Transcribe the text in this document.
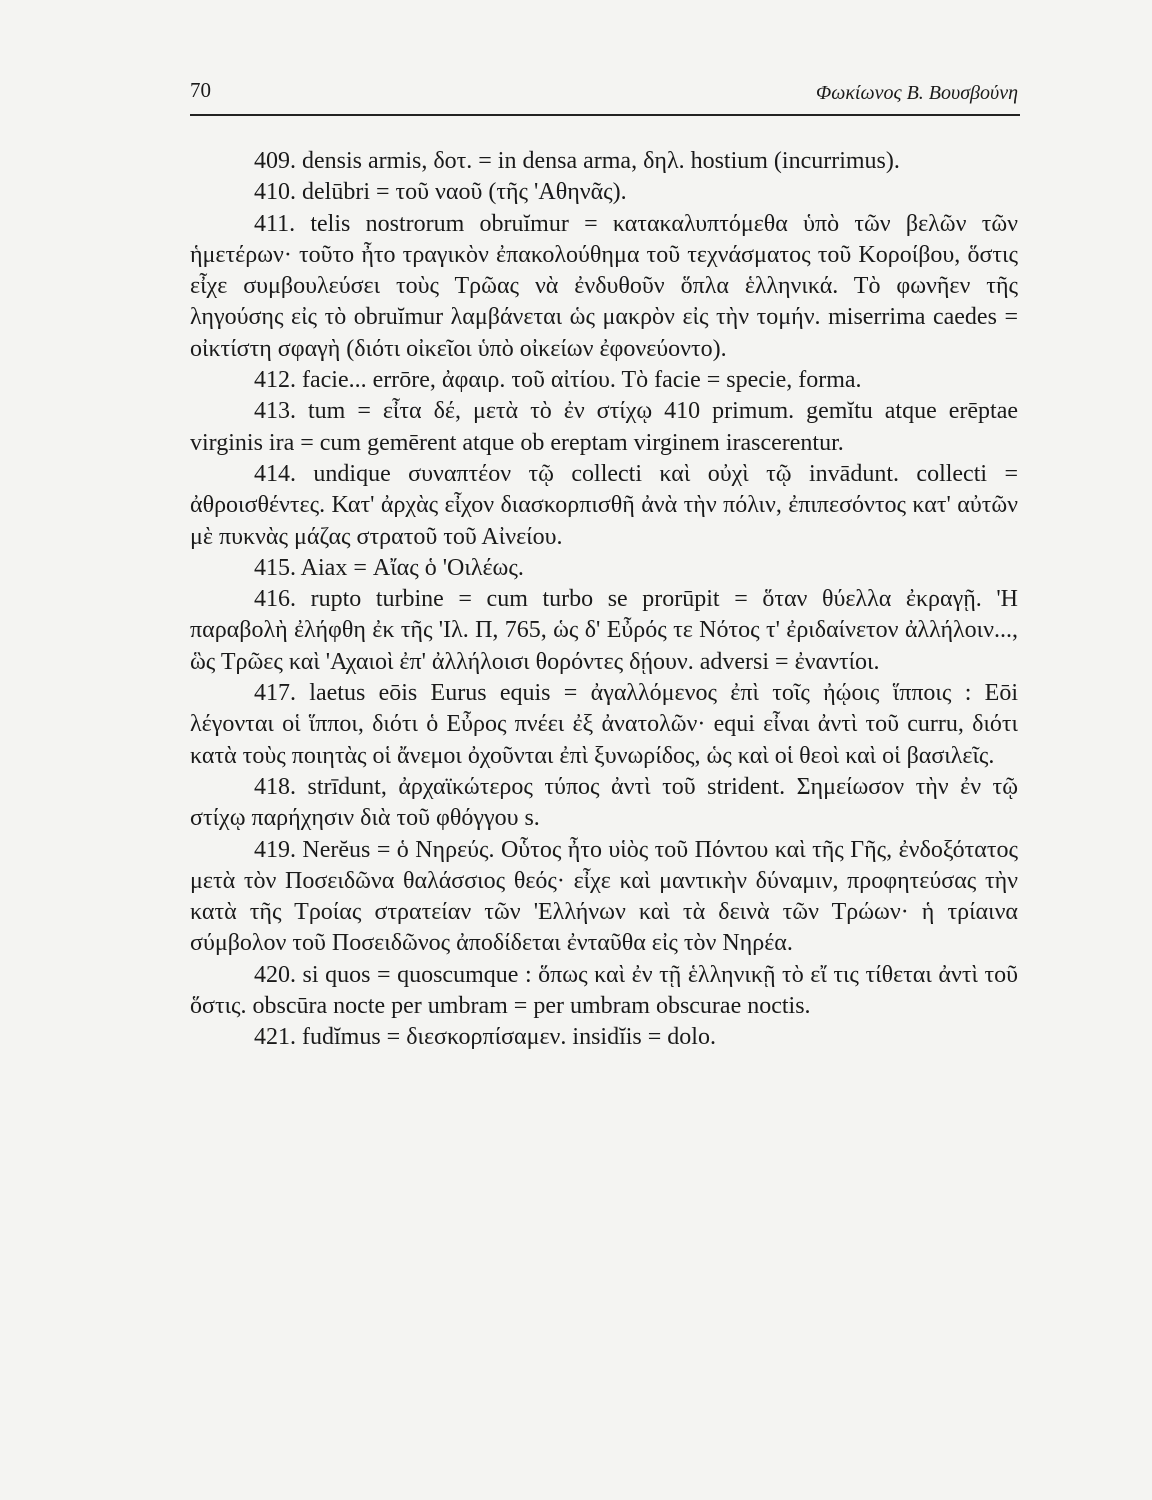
70	Φωκίωνος Β. Βουσβούνη

409. densis armis, δοτ. = in densa arma, δηλ. hostium (incurrimus).

410. delūbri = τοῦ ναοῦ (τῆς 'Αθηνᾶς).

411. telis nostrorum obruĭmur = κατακαλυπτόμεθα ὑπὸ τῶν βελῶν τῶν ἡμετέρων· τοῦτο ἦτο τραγικὸν ἐπακολούθημα τοῦ τεχνάσματος τοῦ Κοροίβου, ὅστις εἶχε συμβουλεύσει τοὺς Τρῶας νὰ ἐνδυθοῦν ὅπλα ἑλληνικά. Τὸ φωνῆεν τῆς ληγούσης εἰς τὸ obruĭmur λαμβάνεται ὡς μακρὸν εἰς τὴν τομήν. miserrima caedes = οἰκτίστη σφαγὴ (διότι οἰκεῖοι ὑπὸ οἰκείων ἐφονεύοντο).

412. facie... errōre, ἀφαιρ. τοῦ αἰτίου. Τὸ facie = specie, forma.

413. tum = εἶτα δέ, μετὰ τὸ ἐν στίχῳ 410 primum. gemĭtu atque erēptae virginis ira = cum gemērent atque ob ereptam virginem irascerentur.

414. undique συναπτέον τῷ collecti καὶ οὐχὶ τῷ invādunt. collecti = ἀθροισθέντες. Κατ' ἀρχὰς εἶχον διασκορπισθῆ ἀνὰ τὴν πόλιν, ἐπιπεσόντος κατ' αὐτῶν μὲ πυκνὰς μάζας στρατοῦ τοῦ Αἰνείου.

415. Aiax = Αἴας ὁ 'Οιλέως.

416. rupto turbine = cum turbo se prorūpit = ὅταν θύελλα ἐκραγῇ. 'Η παραβολὴ ἐλήφθη ἐκ τῆς 'Ιλ. Π, 765, ὡς δ' Εὖρός τε Νότος τ' ἐριδαίνετον ἀλλήλοιν..., ὣς Τρῶες καὶ 'Αχαιοὶ ἐπ' ἀλλήλοισι θορόντες δῄουν. adversi = ἐναντίοι.

417. laetus eōis Eurus equis = ἀγαλλόμενος ἐπὶ τοῖς ἠῴοις ἵπποις : Eōi λέγονται οἱ ἵπποι, διότι ὁ Εὖρος πνέει ἐξ ἀνατολῶν· equi εἶναι ἀντὶ τοῦ curru, διότι κατὰ τοὺς ποιητὰς οἱ ἄνεμοι ὀχοῦνται ἐπὶ ξυνωρίδος, ὡς καὶ οἱ θεοὶ καὶ οἱ βασιλεῖς.

418. strīdunt, ἀρχαϊκώτερος τύπος ἀντὶ τοῦ strident. Σημείωσον τὴν ἐν τῷ στίχῳ παρήχησιν διὰ τοῦ φθόγγου s.

419. Nerĕus = ὁ Νηρεύς. Οὗτος ἦτο υἱὸς τοῦ Πόντου καὶ τῆς Γῆς, ἐνδοξότατος μετὰ τὸν Ποσειδῶνα θαλάσσιος θεός· εἶχε καὶ μαντικὴν δύναμιν, προφητεύσας τὴν κατὰ τῆς Τροίας στρατείαν τῶν 'Ελλήνων καὶ τὰ δεινὰ τῶν Τρώων· ἡ τρίαινα σύμβολον τοῦ Ποσειδῶνος ἀποδίδεται ἐνταῦθα εἰς τὸν Νηρέα.

420. si quos = quoscumque : ὅπως καὶ ἐν τῇ ἑλληνικῇ τὸ εἴ τις τίθεται ἀντὶ τοῦ ὅστις. obscūra nocte per umbram = per umbram obscurae noctis.

421. fudĭmus = διεσκορπίσαμεν. insidĭis = dolo.
